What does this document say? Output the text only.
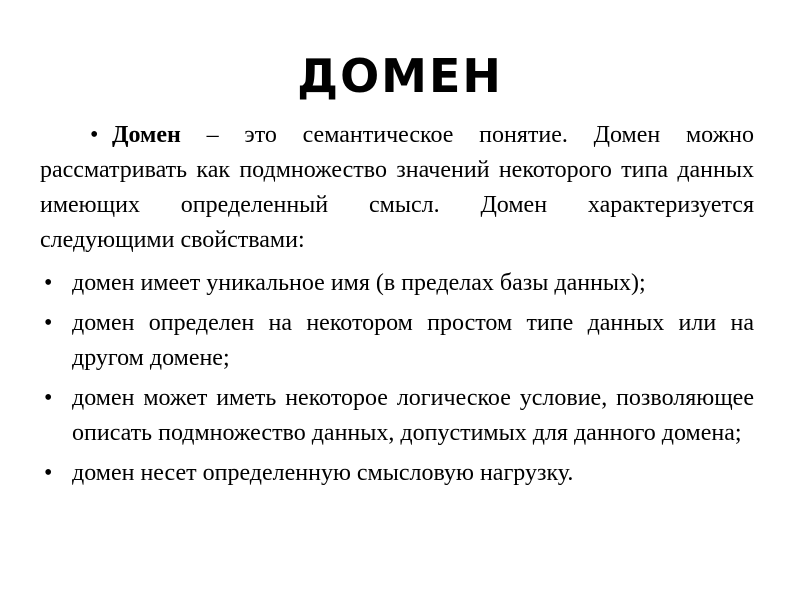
ДОМЕН
• Домен – это семантическое понятие. Домен можно рассматривать как подмножество значений некоторого типа данных имеющих определенный смысл. Домен характеризуется следующими свойствами:
• домен имеет уникальное имя (в пределах базы данных);
• домен определен на некотором простом типе данных или на другом домене;
• домен может иметь некоторое логическое условие, позволяющее описать подмножество данных, допустимых для данного домена;
• домен несет определенную смысловую нагрузку.
